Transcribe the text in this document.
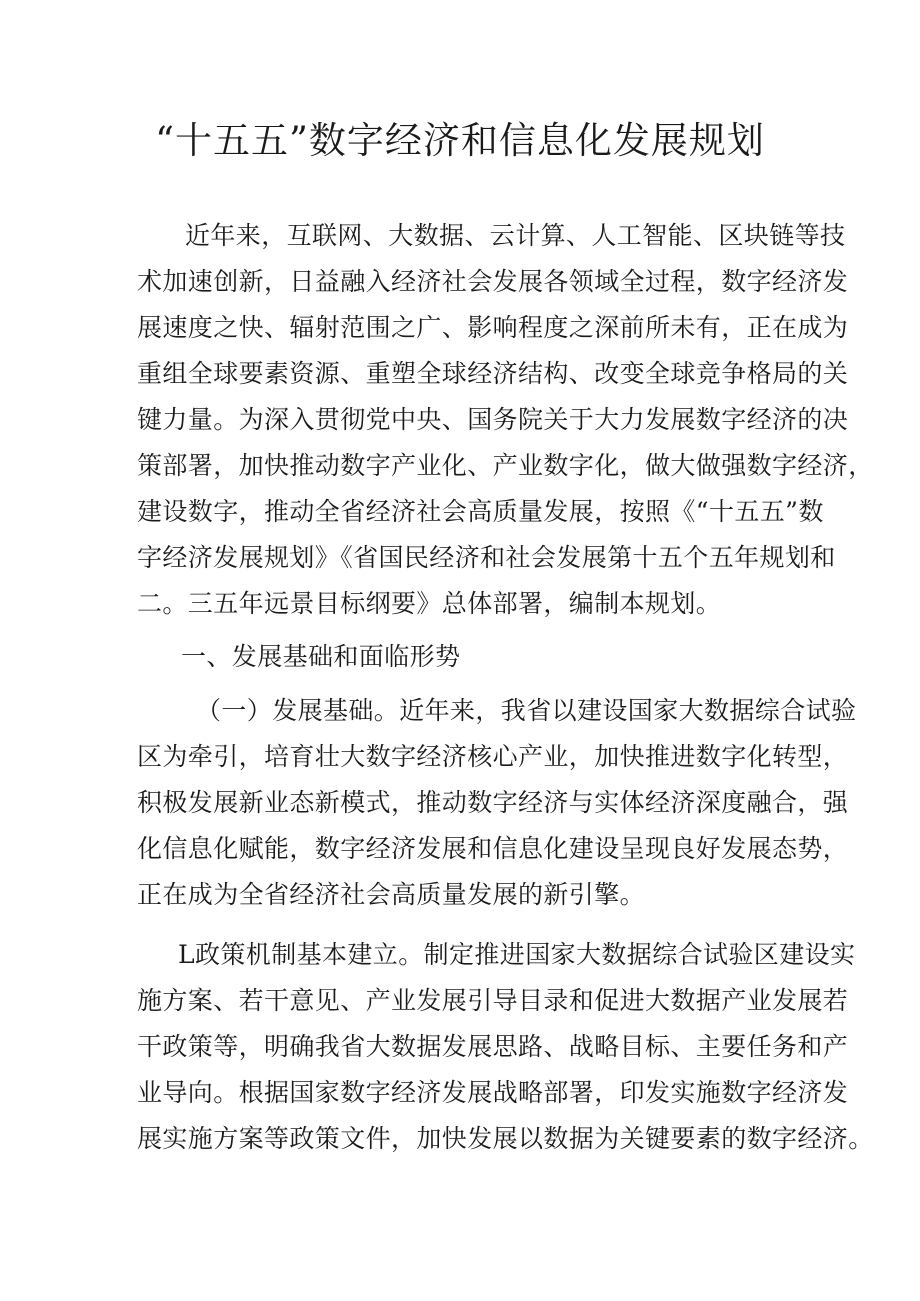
“十五五”数字经济和信息化发展规划
近年来，互联网、大数据、云计算、人工智能、区块链等技
术加速创新，日益融入经济社会发展各领域全过程，数字经济发
展速度之快、辐射范围之广、影响程度之深前所未有，正在成为
重组全球要素资源、重塑全球经济结构、改变全球竞争格局的关
键力量。为深入贯彻党中央、国务院关于大力发展数字经济的决
策部署，加快推动数字产业化、产业数字化，做大做强数字经济，
建设数字，推动全省经济社会高质量发展，按照《“十五五”数
字经济发展规划》《省国民经济和社会发展第十五个五年规划和
二。三五年远景目标纲要》总体部署，编制本规划。
一、发展基础和面临形势
（一）发展基础。近年来，我省以建设国家大数据综合试验
区为牵引，培育壮大数字经济核心产业，加快推进数字化转型，
积极发展新业态新模式，推动数字经济与实体经济深度融合，强
化信息化赋能，数字经济发展和信息化建设呈现良好发展态势，
正在成为全省经济社会高质量发展的新引擎。
L政策机制基本建立。制定推进国家大数据综合试验区建设实
施方案、若干意见、产业发展引导目录和促进大数据产业发展若
干政策等，明确我省大数据发展思路、战略目标、主要任务和产
业导向。根据国家数字经济发展战略部署，印发实施数字经济发
展实施方案等政策文件，加快发展以数据为关键要素的数字经济。
